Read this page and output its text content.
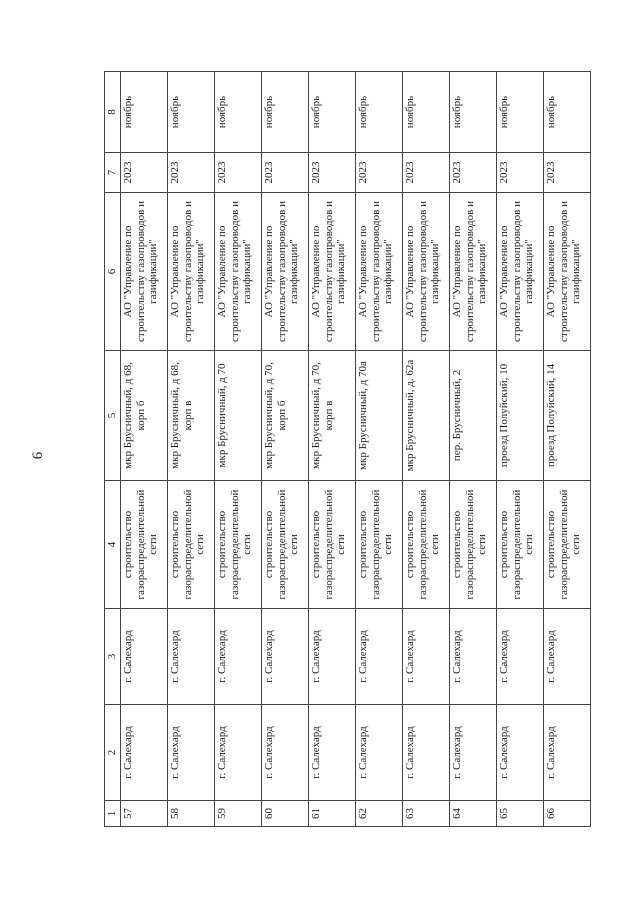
9
1	2	3	4	5	6	7	8
57	г. Салехард	г. Салехард	строительство газораспределительной сети	мкр Брусничный, д 68, корп б	АО "Управление по строительству газопроводов и газификации"	2023	ноябрь
58	г. Салехард	г. Салехард	строительство газораспределительной сети	мкр Брусничный, д 68, корп в	АО "Управление по строительству газопроводов и газификации"	2023	ноябрь
59	г. Салехард	г. Салехард	строительство газораспределительной сети	мкр Брусничный, д 70	АО "Управление по строительству газопроводов и газификации"	2023	ноябрь
60	г. Салехард	г. Салехард	строительство газораспределительной сети	мкр Брусничный, д 70, корп б	АО "Управление по строительству газопроводов и газификации"	2023	ноябрь
61	г. Салехард	г. Салехард	строительство газораспределительной сети	мкр Брусничный, д 70, корп в	АО "Управление по строительству газопроводов и газификации"	2023	ноябрь
62	г. Салехард	г. Салехард	строительство газораспределительной сети	мкр Брусничный, д 70а	АО "Управление по строительству газопроводов и газификации"	2023	ноябрь
63	г. Салехард	г. Салехард	строительство газораспределительной сети	мкр Брусничный, д. 62а	АО "Управление по строительству газопроводов и газификации"	2023	ноябрь
64	г. Салехард	г. Салехард	строительство газораспределительной сети	пер. Брусничный, 2	АО "Управление по строительству газопроводов и газификации"	2023	ноябрь
65	г. Салехард	г. Салехард	строительство газораспределительной сети	проезд Полуйский, 10	АО "Управление по строительству газопроводов и газификации"	2023	ноябрь
66	г. Салехард	г. Салехард	строительство газораспределительной сети	проезд Полуйский, 14	АО "Управление по строительству газопроводов и газификации"	2023	ноябрь
